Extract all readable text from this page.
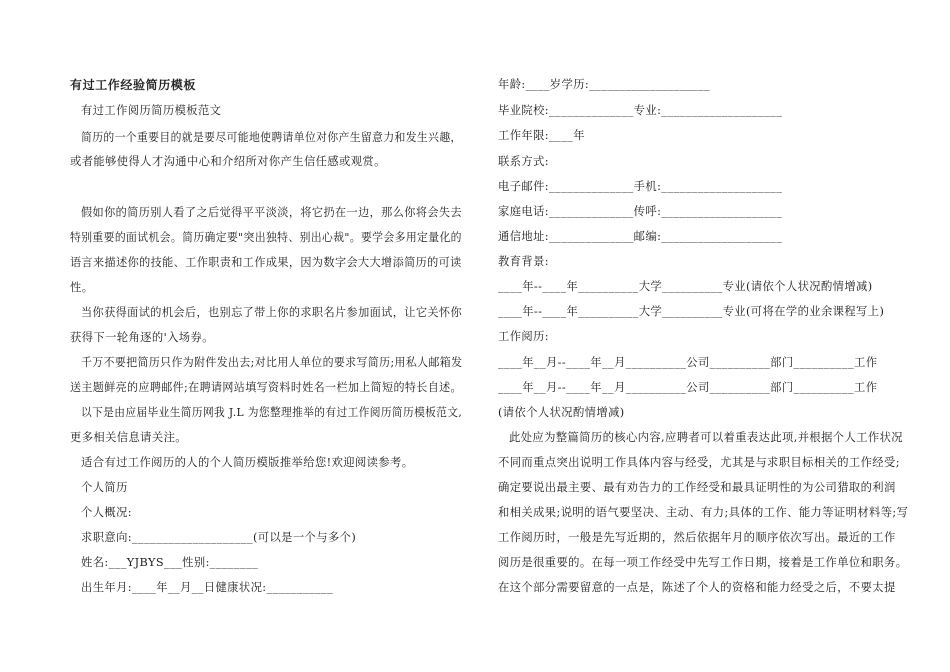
有过工作经验简历模板
有过工作阅历简历模板范文
简历的一个重要目的就是要尽可能地使聘请单位对你产生留意力和发生兴趣，
或者能够使得人才沟通中心和介绍所对你产生信任感或观赏。
假如你的简历别人看了之后觉得平平淡淡，将它扔在一边，那么你将会失去
特别重要的面试机会。简历确定要"突出独特、别出心裁"。要学会多用定量化的
语言来描述你的技能、工作职责和工作成果，因为数字会大大增添简历的可读
性。
当你获得面试的机会后，也别忘了带上你的求职名片参加面试，让它关怀你
获得下一轮角逐的'入场券。
千万不要把简历只作为附件发出去;对比用人单位的要求写简历;用私人邮箱发
送主题鲜亮的应聘邮件;在聘请网站填写资料时姓名一栏加上简短的特长自述。
以下是由应届毕业生简历网我 J.L 为您整理推举的有过工作阅历简历模板范文,
更多相关信息请关注。
适合有过工作阅历的人的个人简历模版推举给您!欢迎阅读参考。
个人简历
个人概况:
求职意向:____________________(可以是一个与多个)
姓名:___YJBYS___性别:________
出生年月:____年__月__日健康状况:___________
年龄:____岁学历:____________________
毕业院校:______________专业:____________________
工作年限:____年
联系方式:
电子邮件:______________手机:____________________
家庭电话:______________传呼:____________________
通信地址:______________邮编:____________________
教育背景:
____年--____年__________大学__________专业(请依个人状况酌情增减)
____年--____年__________大学__________专业(可将在学的业余课程写上)
工作阅历:
____年__月--____年__月__________公司__________部门__________工作
____年__月--____年__月__________公司__________部门__________工作
(请依个人状况酌情增减)
此处应为整篇简历的核心内容,应聘者可以着重表达此项,并根据个人工作状况
不同而重点突出说明工作具体内容与经受，尤其是与求职目标相关的工作经受;
确定要说出最主要、最有劝告力的工作经受和最具证明性的为公司猎取的利润
和相关成果;说明的语气要坚决、主动、有力;具体的工作、能力等证明材料等;写
工作阅历时，一般是先写近期的，然后依据年月的顺序依次写出。最近的工作
阅历是很重要的。在每一项工作经受中先写工作日期，接着是工作单位和职务。
在这个部分需要留意的一点是，陈述了个人的资格和能力经受之后，不要太提
